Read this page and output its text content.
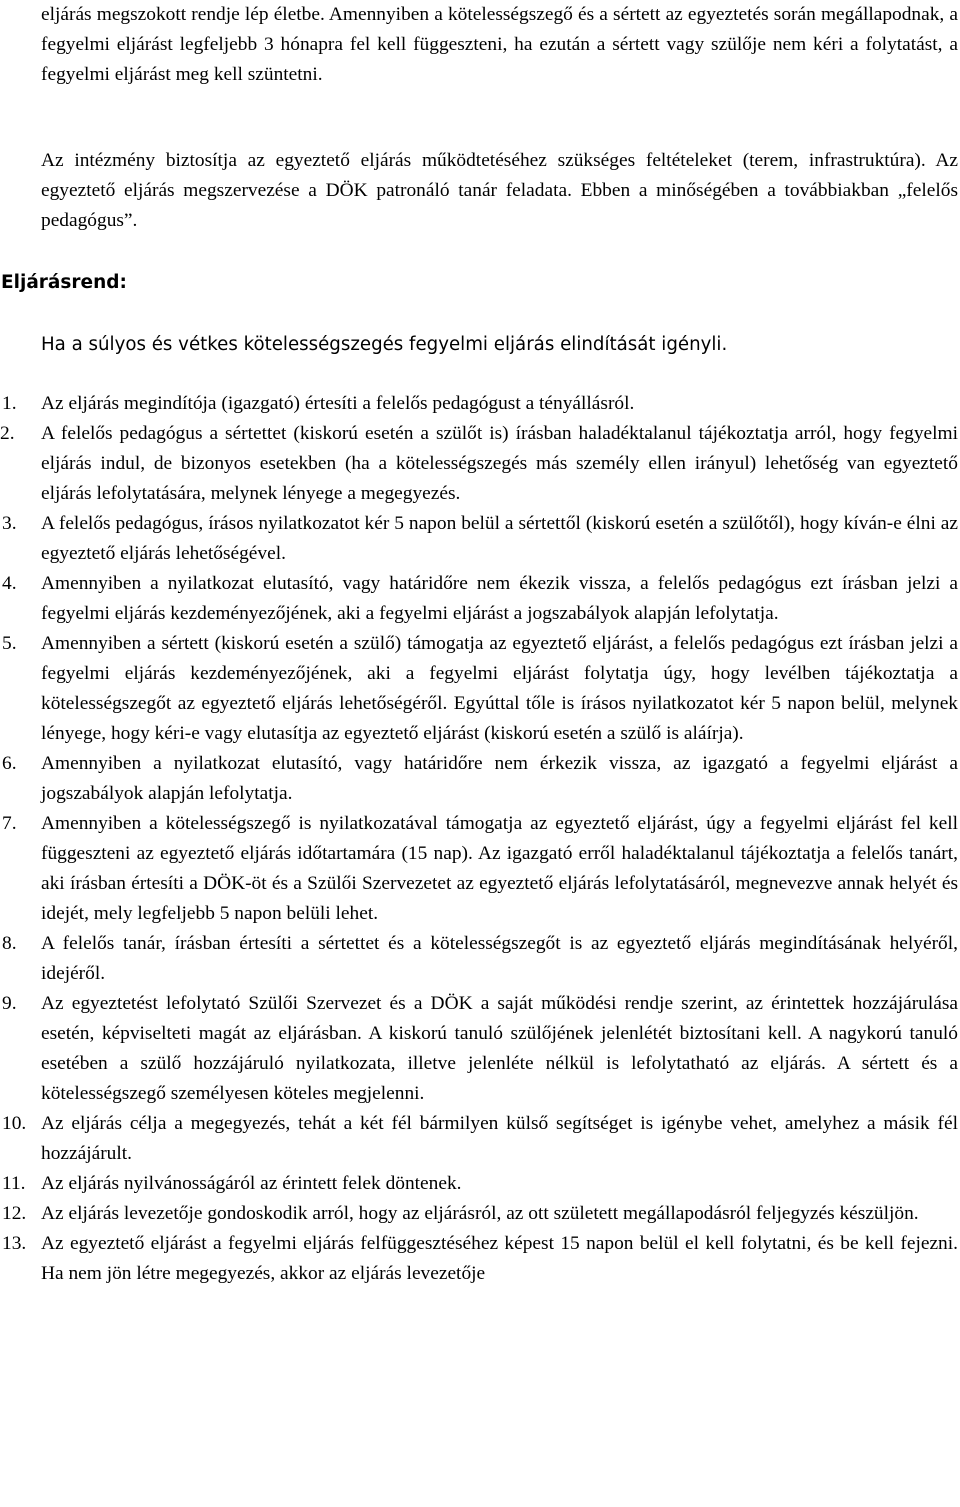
eljárás megszokott rendje lép életbe. Amennyiben a kötelességszegő és a sértett az egyeztetés során megállapodnak, a fegyelmi eljárást legfeljebb 3 hónapra fel kell függeszteni, ha ezután a sértett vagy szülője nem kéri a folytatást, a fegyelmi eljárást meg kell szüntetni.

Az intézmény biztosítja az egyeztető eljárás működtetéséhez szükséges feltételeket (terem, infrastruktúra). Az egyeztető eljárás megszervezése a DÖK patronáló tanár feladata. Ebben a minőségében a továbbiakban „felelős pedagógus”.

Eljárásrend:

Ha a súlyos és vétkes kötelességszegés fegyelmi eljárás elindítását igényli.

1.	Az eljárás megindítója (igazgató) értesíti a felelős pedagógust a tényállásról.
2.	A felelős pedagógus a sértettet (kiskorú esetén a szülőt is) írásban haladéktalanul tájékoztatja arról, hogy fegyelmi eljárás indul, de bizonyos esetekben (ha a kötelességszegés más személy ellen irányul) lehetőség van egyeztető eljárás lefolytatására, melynek lényege a megegyezés.
3.	A felelős pedagógus, írásos nyilatkozatot kér 5 napon belül a sértettől (kiskorú esetén a szülőtől), hogy kíván-e élni az egyeztető eljárás lehetőségével.
4.	Amennyiben a nyilatkozat elutasító, vagy határidőre nem ékezik vissza, a felelős pedagógus ezt írásban jelzi a fegyelmi eljárás kezdeményezőjének, aki a fegyelmi eljárást a jogszabályok alapján lefolytatja.
5.	Amennyiben a sértett (kiskorú esetén a szülő) támogatja az egyeztető eljárást, a felelős pedagógus ezt írásban jelzi a fegyelmi eljárás kezdeményezőjének, aki a fegyelmi eljárást folytatja úgy, hogy levélben tájékoztatja a kötelességszegőt az egyeztető eljárás lehetőségéről. Egyúttal tőle is írásos nyilatkozatot kér 5 napon belül, melynek lényege, hogy kéri-e vagy elutasítja az egyeztető eljárást (kiskorú esetén a szülő is aláírja).
6.	Amennyiben a nyilatkozat elutasító, vagy határidőre nem érkezik vissza, az igazgató a fegyelmi eljárást a jogszabályok alapján lefolytatja.
7.	Amennyiben a kötelességszegő is nyilatkozatával támogatja az egyeztető eljárást, úgy a fegyelmi eljárást fel kell függeszteni az egyeztető eljárás időtartamára (15 nap). Az igazgató erről haladéktalanul tájékoztatja a felelős tanárt, aki írásban értesíti a DÖK-öt és a Szülői Szervezetet az egyeztető eljárás lefolytatásáról, megnevezve annak helyét és idejét, mely legfeljebb 5 napon belüli lehet.
8.	A felelős tanár, írásban értesíti a sértettet és a kötelességszegőt is az egyeztető eljárás megindításának helyéről, idejéről.
9.	Az egyeztetést lefolytató Szülői Szervezet és a DÖK a saját működési rendje szerint, az érintettek hozzájárulása esetén, képviselteti magát az eljárásban. A kiskorú tanuló szülőjének jelenlétét biztosítani kell. A nagykorú tanuló esetében a szülő hozzájáruló nyilatkozata, illetve jelenléte nélkül is lefolytatható az eljárás. A sértett és a kötelességszegő személyesen köteles megjelenni.
10. Az eljárás célja a megegyezés, tehát a két fél bármilyen külső segítséget is igénybe vehet, amelyhez a másik fél hozzájárult.
11. Az eljárás nyilvánosságáról az érintett felek döntenek.
12. Az eljárás levezetője gondoskodik arról, hogy az eljárásról, az ott született megállapodásról feljegyzés készüljön.
13. Az egyeztető eljárást a fegyelmi eljárás felfüggesztéséhez képest 15 napon belül el kell folytatni, és be kell fejezni. Ha nem jön létre megegyezés, akkor az eljárás levezetője
